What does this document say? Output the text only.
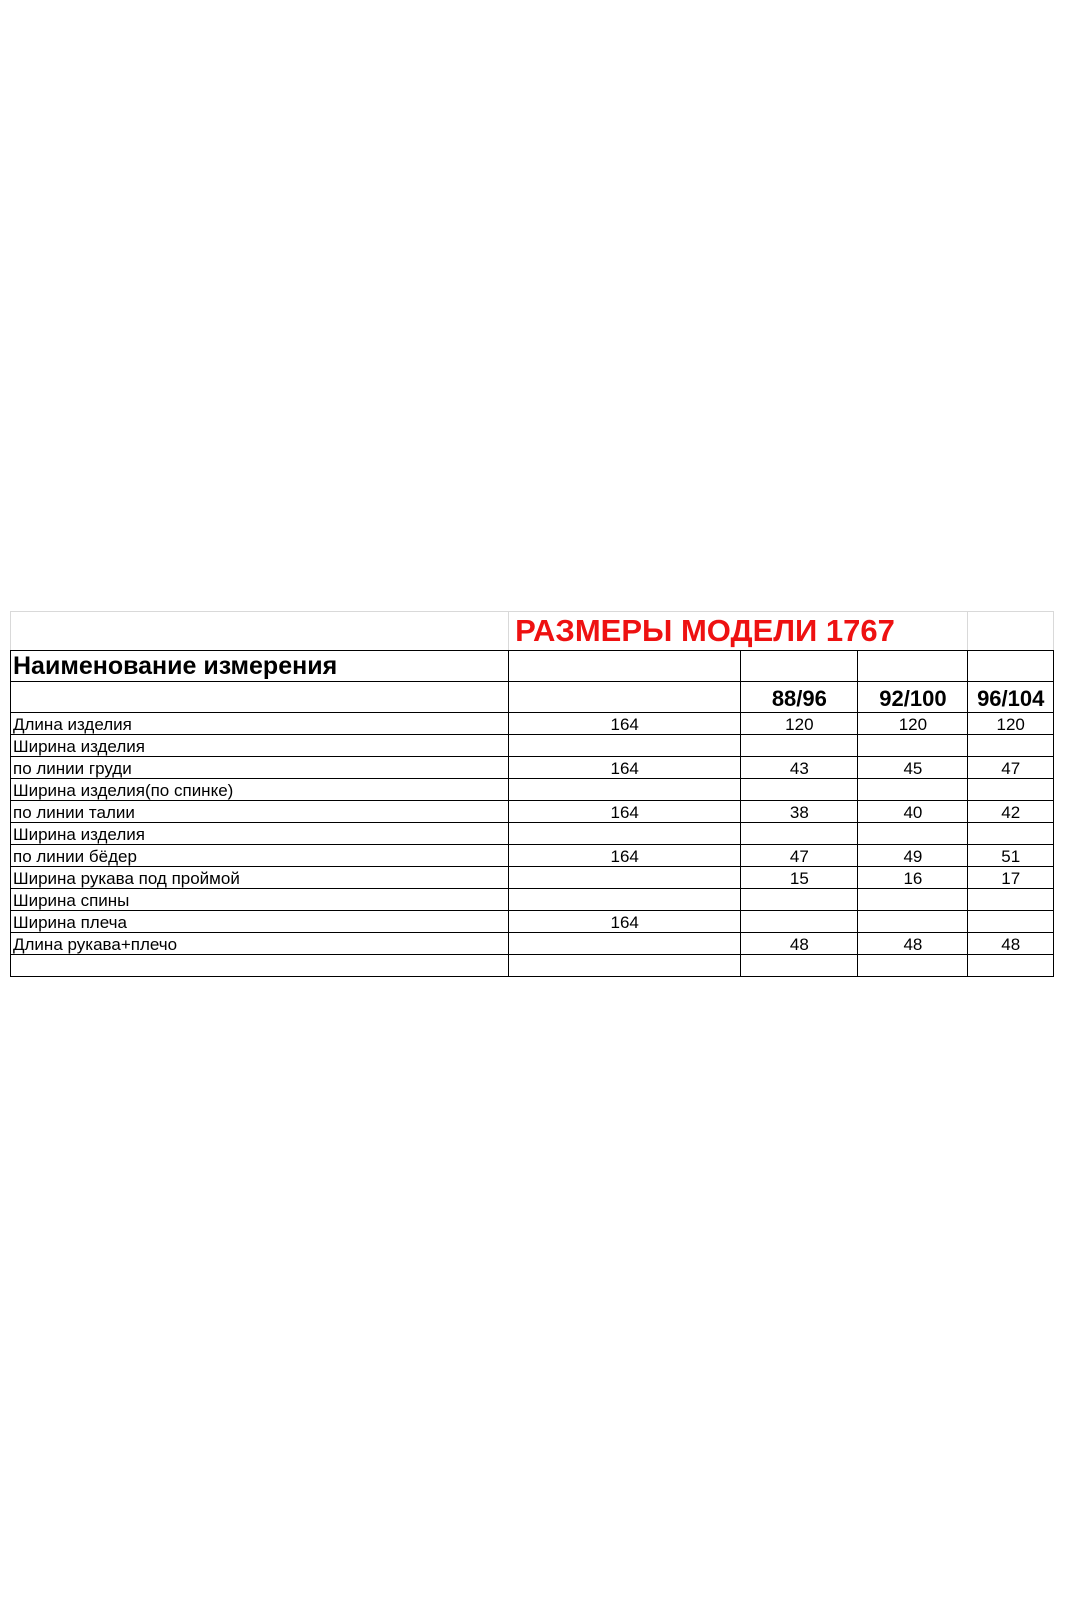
	РАЗМЕРЫ МОДЕЛИ 1767			
Наименование измерения				
		88/96	92/100	96/104
Длина изделия	164	120	120	120
Ширина изделия				
по линии груди	164	43	45	47
Ширина изделия(по спинке)				
по линии талии	164	38	40	42
Ширина изделия				
по линии бёдер	164	47	49	51
Ширина рукава под проймой		15	16	17
Ширина спины				
Ширина плеча	164			
Длина рукава+плечо		48	48	48
